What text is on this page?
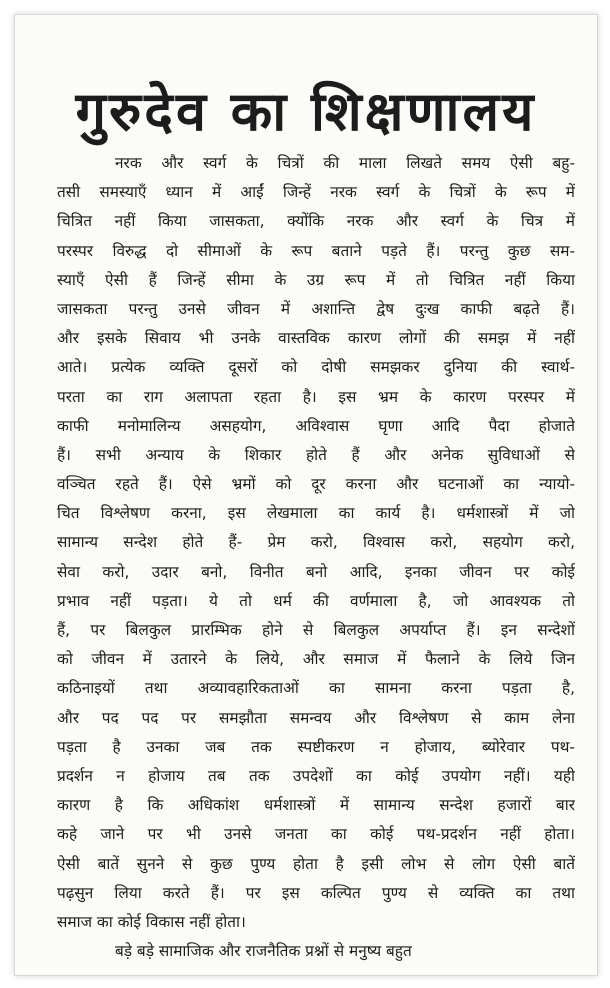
गुरुदेव का शिक्षणालय
नरक और स्वर्ग के चित्रों की माला लिखते समय ऐसी बहु-
तसी समस्याएँ ध्यान में आईं जिन्हें नरक स्वर्ग के चित्रों के रूप में
चित्रित नहीं किया जासकता, क्योंकि नरक और स्वर्ग के चित्र में
परस्पर विरुद्ध दो सीमाओं के रूप बताने पड़ते हैं। परन्तु कुछ सम-
स्याएँ ऐसी हैं जिन्हें सीमा के उग्र रूप में तो चित्रित नहीं किया
जासकता परन्तु उनसे जीवन में अशान्ति द्वेष दुःख काफी बढ़ते हैं।
और इसके सिवाय भी उनके वास्तविक कारण लोगों की समझ में नहीं
आते। प्रत्येक व्यक्ति दूसरों को दोषी समझकर दुनिया की स्वार्थ-
परता का राग अलापता रहता है। इस भ्रम के कारण परस्पर में
काफी मनोमालिन्य असहयोग, अविश्वास घृणा आदि पैदा होजाते
हैं। सभी अन्याय के शिकार होते हैं और अनेक सुविधाओं से
वञ्चित रहते हैं। ऐसे भ्रमों को दूर करना और घटनाओं का न्यायो-
चित विश्लेषण करना, इस लेखमाला का कार्य है। धर्मशास्त्रों में जो
सामान्य सन्देश होते हैं- प्रेम करो, विश्वास करो, सहयोग करो,
सेवा करो, उदार बनो, विनीत बनो आदि, इनका जीवन पर कोई
प्रभाव नहीं पड़ता। ये तो धर्म की वर्णमाला है, जो आवश्यक तो
हैं, पर बिलकुल प्रारम्भिक होने से बिलकुल अपर्याप्त हैं। इन सन्देशों
को जीवन में उतारने के लिये, और समाज में फैलाने के लिये जिन
कठिनाइयों तथा अव्यावहारिकताओं का सामना करना पड़ता है,
और पद पद पर समझौता समन्वय और विश्लेषण से काम लेना
पड़ता है उनका जब तक स्पष्टीकरण न होजाय, ब्योरेवार पथ-
प्रदर्शन न होजाय तब तक उपदेशों का कोई उपयोग नहीं। यही
कारण है कि अधिकांश धर्मशास्त्रों में सामान्य सन्देश हजारों बार
कहे जाने पर भी उनसे जनता का कोई पथ-प्रदर्शन नहीं होता।
ऐसी बातें सुनने से कुछ पुण्य होता है इसी लोभ से लोग ऐसी बातें
पढ़सुन लिया करते हैं। पर इस कल्पित पुण्य से व्यक्ति का तथा
समाज का कोई विकास नहीं होता।
बड़े बड़े सामाजिक और राजनैतिक प्रश्नों से मनुष्य बहुत
